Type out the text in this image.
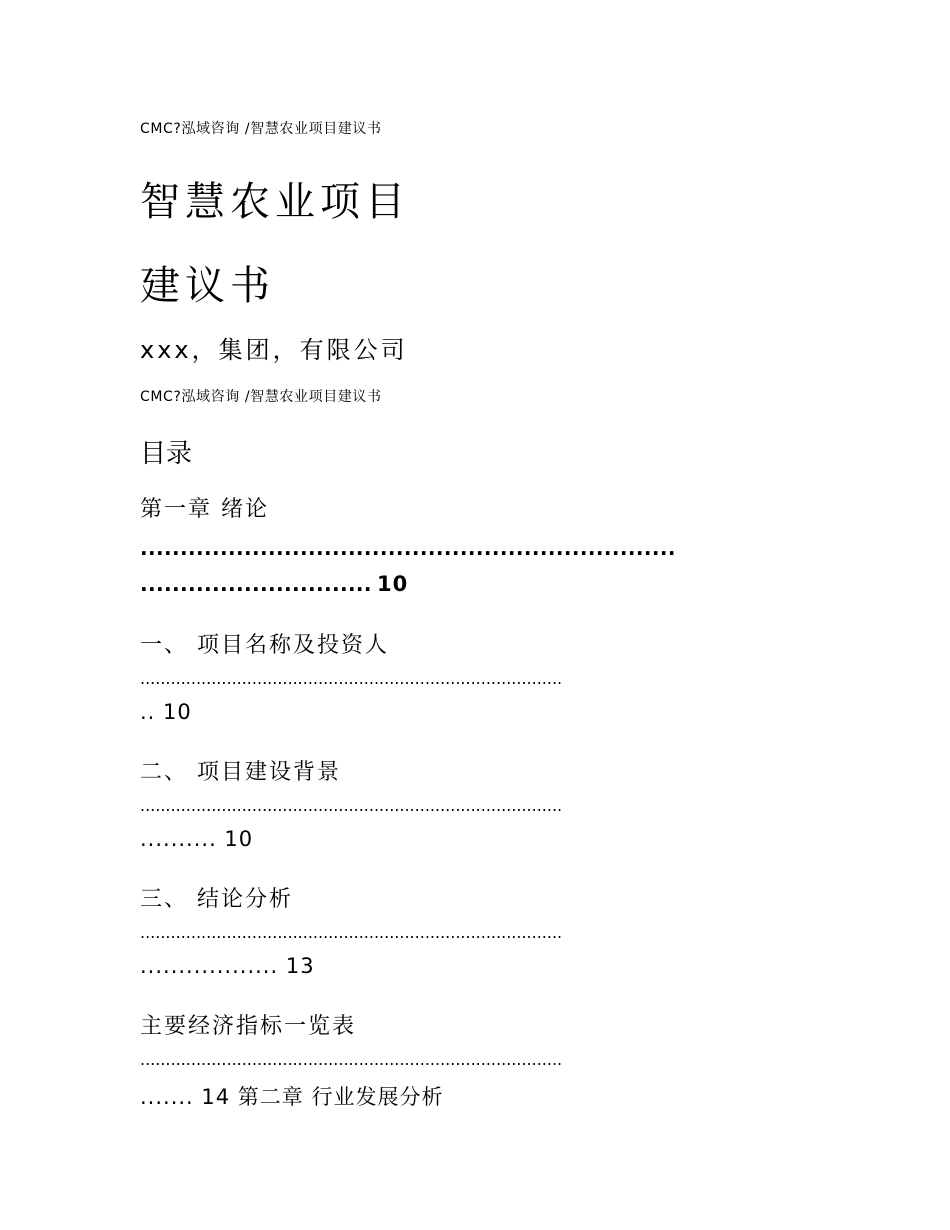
CMC?泓域咨询 /智慧农业项目建议书
智慧农业项目
建议书
xxx，集团，有限公司
CMC?泓域咨询 /智慧农业项目建议书
目录
第一章 绪论
...................................................................
............................. 10
一、 项目名称及投资人
...................................................................................
.. 10
二、 项目建设背景
...................................................................................
.......... 10
三、 结论分析
...................................................................................
.................. 13
主要经济指标一览表
...................................................................................
....... 14 第二章 行业发展分析
